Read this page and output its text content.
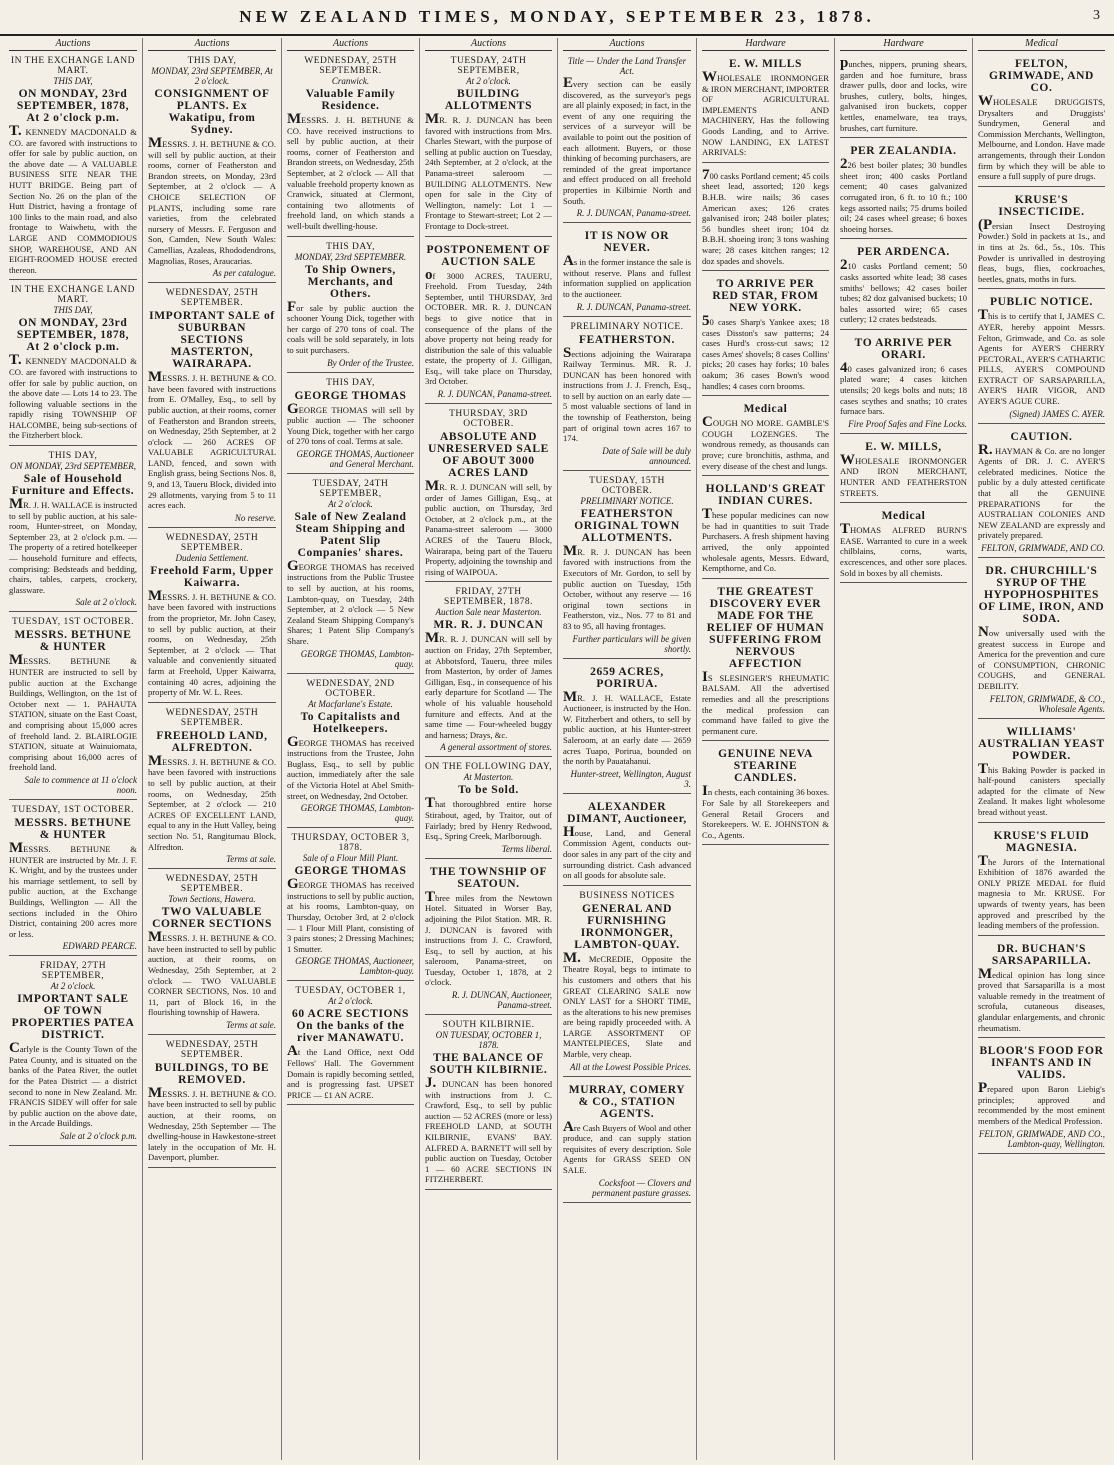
NEW ZEALAND TIMES, MONDAY, SEPTEMBER 23, 1878.	3
Auctions
IN THE EXCHANGE LAND MART.
THIS DAY,
ON MONDAY, 23rd SEPTEMBER, 1878, At 2 o'clock p.m.
T. KENNEDY MACDONALD & CO. are favored with instructions to offer for sale by public auction, on the above date — A VALUABLE BUSINESS SITE NEAR THE HUTT BRIDGE. Being part of Section No. 26 on the plan of the Hutt District, having a frontage of 100 links to the main road, and also frontage to Waiwhetu, with the LARGE AND COMMODIOUS SHOP, WAREHOUSE, AND AN EIGHT-ROOMED HOUSE erected thereon.
IN THE EXCHANGE LAND MART.
THIS DAY,
ON MONDAY, 23rd SEPTEMBER, 1878, At 2 o'clock p.m.
T. KENNEDY MACDONALD & CO. are favored with instructions to offer for sale by public auction, on the above date — Lots 14 to 23. The following valuable sections in the rapidly rising TOWNSHIP OF HALCOMBE, being sub-sections of the Fitzherbert block.
THIS DAY,
ON MONDAY, 23rd SEPTEMBER,
Sale of Household Furniture and Effects.
MR. J. H. WALLACE is instructed to sell by public auction, at his sale-room, Hunter-street, on Monday, September 23, at 2 o'clock p.m. — The property of a retired hotelkeeper — household furniture and effects, comprising: Bedsteads and bedding, chairs, tables, carpets, crockery, glassware.
Sale at 2 o'clock.
TUESDAY, 1ST OCTOBER.
MESSRS. BETHUNE & HUNTER
MESSRS. BETHUNE & HUNTER are instructed to sell by public auction at the Exchange Buildings, Wellington, on the 1st of October next — 1. PAHAUTA STATION, situate on the East Coast, and comprising about 15,000 acres of freehold land. 2. BLAIRLOGIE STATION, situate at Wainuiomata, comprising about 16,000 acres of freehold land.
Sale to commence at 11 o'clock noon.
TUESDAY, 1ST OCTOBER.
MESSRS. BETHUNE & HUNTER
MESSRS. BETHUNE & HUNTER are instructed by Mr. J. F. K. Wright, and by the trustees under his marriage settlement, to sell by public auction, at the Exchange Buildings, Wellington — All the sections included in the Ohiro District, containing 200 acres more or less.
EDWARD PEARCE.
FRIDAY, 27TH SEPTEMBER,
At 2 o'clock.
IMPORTANT SALE OF TOWN PROPERTIES PATEA DISTRICT.
Carlyle is the County Town of the Patea County, and is situated on the banks of the Patea River, the outlet for the Patea District — a district second to none in New Zealand. Mr. FRANCIS SIDEY will offer for sale by public auction on the above date, in the Arcade Buildings.
Sale at 2 o'clock p.m.
Auctions
THIS DAY,
MONDAY, 23rd SEPTEMBER, At 2 o'clock.
CONSIGNMENT OF PLANTS. Ex Wakatipu, from Sydney.
MESSRS. J. H. BETHUNE & CO. will sell by public auction, at their rooms, corner of Featherston and Brandon streets, on Monday, 23rd September, at 2 o'clock — A CHOICE SELECTION OF PLANTS, including some rare varieties, from the celebrated nursery of Messrs. F. Ferguson and Son, Camden, New South Wales: Camellias, Azaleas, Rhododendrons, Magnolias, Roses, Araucarias.
As per catalogue.
WEDNESDAY, 25TH SEPTEMBER.
IMPORTANT SALE of SUBURBAN SECTIONS MASTERTON, WAIRARAPA.
MESSRS. J. H. BETHUNE & CO. have been favored with instructions from E. O'Malley, Esq., to sell by public auction, at their rooms, corner of Featherston and Brandon streets, on Wednesday, 25th September, at 2 o'clock — 260 ACRES OF VALUABLE AGRICULTURAL LAND, fenced, and sown with English grass, being Sections Nos. 8, 9, and 13, Taueru Block, divided into 29 allotments, varying from 5 to 11 acres each.
No reserve.
WEDNESDAY, 25TH SEPTEMBER.
Dudenia Settlement.
Freehold Farm, Upper Kaiwarra.
MESSRS. J. H. BETHUNE & CO. have been favored with instructions from the proprietor, Mr. John Casey, to sell by public auction, at their rooms, on Wednesday, 25th September, at 2 o'clock — That valuable and conveniently situated farm at Freehold, Upper Kaiwarra, containing 40 acres, adjoining the property of Mr. W. L. Rees.
WEDNESDAY, 25TH SEPTEMBER.
FREEHOLD LAND, ALFREDTON.
MESSRS. J. H. BETHUNE & CO. have been favored with instructions to sell by public auction, at their rooms, on Wednesday, 25th September, at 2 o'clock — 210 ACRES OF EXCELLENT LAND, equal to any in the Hutt Valley, being section No. 51, Rangitumau Block, Alfredton.
Terms at sale.
WEDNESDAY, 25TH SEPTEMBER.
Town Sections, Hawera.
TWO VALUABLE CORNER SECTIONS
MESSRS. J. H. BETHUNE & CO. have been instructed to sell by public auction, at their rooms, on Wednesday, 25th September, at 2 o'clock — TWO VALUABLE CORNER SECTIONS, Nos. 10 and 11, part of Block 16, in the flourishing township of Hawera.
Terms at sale.
WEDNESDAY, 25TH SEPTEMBER.
BUILDINGS, TO BE REMOVED.
MESSRS. J. H. BETHUNE & CO. have been instructed to sell by public auction, at their rooms, on Wednesday, 25th September — The dwelling-house in Hawkestone-street lately in the occupation of Mr. H. Davenport, plumber.
Auctions
WEDNESDAY, 25TH SEPTEMBER.
Cranwick.
Valuable Family Residence.
MESSRS. J. H. BETHUNE & CO. have received instructions to sell by public auction, at their rooms, corner of Featherston and Brandon streets, on Wednesday, 25th September, at 2 o'clock — All that valuable freehold property known as Cranwick, situated at Clermont, containing two allotments of freehold land, on which stands a well-built dwelling-house.
THIS DAY,
MONDAY, 23rd SEPTEMBER.
To Ship Owners, Merchants, and Others.
For sale by public auction the schooner Young Dick, together with her cargo of 270 tons of coal. The coals will be sold separately, in lots to suit purchasers.
By Order of the Trustee.
THIS DAY,
GEORGE THOMAS
GEORGE THOMAS will sell by public auction — The schooner Young Dick, together with her cargo of 270 tons of coal. Terms at sale.
GEORGE THOMAS, Auctioneer and General Merchant.
TUESDAY, 24TH SEPTEMBER,
At 2 o'clock.
Sale of New Zealand Steam Shipping and Patent Slip Companies' shares.
GEORGE THOMAS has received instructions from the Public Trustee to sell by auction, at his rooms, Lambton-quay, on Tuesday, 24th September, at 2 o'clock — 5 New Zealand Steam Shipping Company's Shares; 1 Patent Slip Company's Share.
GEORGE THOMAS, Lambton-quay.
WEDNESDAY, 2ND OCTOBER.
At Macfarlane's Estate.
To Capitalists and Hotelkeepers.
GEORGE THOMAS has received instructions from the Trustee, John Buglass, Esq., to sell by public auction, immediately after the sale of the Victoria Hotel at Abel Smith-street, on Wednesday, 2nd October.
GEORGE THOMAS, Lambton-quay.
THURSDAY, OCTOBER 3, 1878.
Sale of a Flour Mill Plant.
GEORGE THOMAS
GEORGE THOMAS has received instructions to sell by public auction, at his rooms, Lambton-quay, on Thursday, October 3rd, at 2 o'clock — 1 Flour Mill Plant, consisting of 3 pairs stones; 2 Dressing Machines; 1 Smutter.
GEORGE THOMAS, Auctioneer, Lambton-quay.
TUESDAY, OCTOBER 1,
At 2 o'clock.
60 ACRE SECTIONS On the banks of the river MANAWATU.
At the Land Office, next Odd Fellows' Hall. The Government Domain is rapidly becoming settled, and is progressing fast. UPSET PRICE — £1 AN ACRE.
Auctions
TUESDAY, 24TH SEPTEMBER,
At 2 o'clock.
BUILDING ALLOTMENTS
MR. R. J. DUNCAN has been favored with instructions from Mrs. Charles Stewart, with the purpose of selling at public auction on Tuesday, 24th September, at 2 o'clock, at the Panama-street saleroom — BUILDING ALLOTMENTS. New open for sale in the City of Wellington, namely: Lot 1 — Frontage to Stewart-street; Lot 2 — Frontage to Dock-street.
POSTPONEMENT OF AUCTION SALE
of 3000 ACRES, TAUERU, Freehold. From Tuesday, 24th September, until THURSDAY, 3rd OCTOBER. MR. R. J. DUNCAN begs to give notice that in consequence of the plans of the above property not being ready for distribution the sale of this valuable estate, the property of J. Gilligan, Esq., will take place on Thursday, 3rd October.
R. J. DUNCAN, Panama-street.
THURSDAY, 3RD OCTOBER.
ABSOLUTE AND UNRESERVED SALE OF ABOUT 3000 ACRES LAND
MR. R. J. DUNCAN will sell, by order of James Gilligan, Esq., at public auction, on Thursday, 3rd October, at 2 o'clock p.m., at the Panama-street saleroom — 3000 ACRES of the Taueru Block, Wairarapa, being part of the Taueru Property, adjoining the township and rising of WAIPOUA.
FRIDAY, 27TH SEPTEMBER, 1878.
Auction Sale near Masterton.
MR. R. J. DUNCAN
MR. R. J. DUNCAN will sell by auction on Friday, 27th September, at Abbotsford, Taueru, three miles from Masterton, by order of James Gilligan, Esq., in consequence of his early departure for Scotland — The whole of his valuable household furniture and effects. And at the same time — Four-wheeled buggy and harness; Drays, &c.
A general assortment of stores.
ON THE FOLLOWING DAY,
At Masterton.
To be Sold.
That thoroughbred entire horse Stirabout, aged, by Traitor, out of Fairlady; bred by Henry Redwood, Esq., Spring Creek, Marlborough.
Terms liberal.
THE TOWNSHIP OF SEATOUN.
Three miles from the Newtown Hotel. Situated in Worser Bay, adjoining the Pilot Station. MR. R. J. DUNCAN is favored with instructions from J. C. Crawford, Esq., to sell by auction, at his saleroom, Panama-street, on Tuesday, October 1, 1878, at 2 o'clock.
R. J. DUNCAN, Auctioneer, Panama-street.
SOUTH KILBIRNIE.
ON TUESDAY, OCTOBER 1, 1878.
THE BALANCE OF SOUTH KILBIRNIE.
J. DUNCAN has been honored with instructions from J. C. Crawford, Esq., to sell by public auction — 52 ACRES (more or less) FREEHOLD LAND, at SOUTH KILBIRNIE, EVANS' BAY. ALFRED A. BARNETT will sell by public auction on Tuesday, October 1 — 60 ACRE SECTIONS IN FITZHERBERT.
Auctions
Title — Under the Land Transfer Act.
Every section can be easily discovered, as the surveyor's pegs are all plainly exposed; in fact, in the event of any one requiring the services of a surveyor will be available to point out the position of each allotment. Buyers, or those thinking of becoming purchasers, are reminded of the great importance and effect produced on all freehold properties in Kilbirnie North and South.
R. J. DUNCAN, Panama-street.
IT IS NOW OR NEVER.
As in the former instance the sale is without reserve. Plans and fullest information supplied on application to the auctioneer.
R. J. DUNCAN, Panama-street.
PRELIMINARY NOTICE.
FEATHERSTON.
Sections adjoining the Wairarapa Railway Terminus. MR. R. J. DUNCAN has been honored with instructions from J. J. French, Esq., to sell by auction on an early date — 5 most valuable sections of land in the township of Featherston, being part of original town acres 167 to 174.
Date of Sale will be duly announced.
TUESDAY, 15TH OCTOBER.
PRELIMINARY NOTICE.
FEATHERSTON ORIGINAL TOWN ALLOTMENTS.
MR. R. J. DUNCAN has been favored with instructions from the Executors of Mr. Gordon, to sell by public auction on Tuesday, 15th October, without any reserve — 16 original town sections in Featherston, viz., Nos. 77 to 81 and 83 to 95, all having frontages.
Further particulars will be given shortly.
2659 ACRES, PORIRUA.
MR. J. H. WALLACE, Estate Auctioneer, is instructed by the Hon. W. Fitzherbert and others, to sell by public auction, at his Hunter-street Saleroom, at an early date — 2659 acres Tuapo, Porirua, bounded on the north by Pauatahanui.
Hunter-street, Wellington, August 3.
ALEXANDER DIMANT, Auctioneer,
House, Land, and General Commission Agent, conducts out-door sales in any part of the city and surrounding district. Cash advanced on all goods for absolute sale.
BUSINESS NOTICES
GENERAL AND FURNISHING IRONMONGER, LAMBTON-QUAY.
M. McCREDIE, Opposite the Theatre Royal, begs to intimate to his customers and others that his GREAT CLEARING SALE now ONLY LAST for a SHORT TIME, as the alterations to his new premises are being rapidly proceeded with. A LARGE ASSORTMENT OF MANTELPIECES, Slate and Marble, very cheap.
All at the Lowest Possible Prices.
MURRAY, COMERY & CO., STATION AGENTS.
Are Cash Buyers of Wool and other produce, and can supply station requisites of every description. Sole Agents for GRASS SEED ON SALE.
Cocksfoot — Clovers and permanent pasture grasses.
Hardware
E. W. MILLS
WHOLESALE IRONMONGER & IRON MERCHANT, IMPORTER OF AGRICULTURAL IMPLEMENTS AND MACHINERY, Has the following Goods Landing, and to Arrive. NOW LANDING, EX LATEST ARRIVALS:
700 casks Portland cement; 45 coils sheet lead, assorted; 120 kegs B.H.B. wire nails; 36 cases American axes; 126 crates galvanised iron; 248 boiler plates; 56 bundles sheet iron; 104 dz B.B.H. shoeing iron; 3 tons washing ware; 28 cases kitchen ranges; 12 doz spades and shovels.
TO ARRIVE PER RED STAR, FROM NEW YORK.
50 cases Sharp's Yankee axes; 18 cases Disston's saw patterns; 24 cases Hurd's cross-cut saws; 12 cases Ames' shovels; 8 cases Collins' picks; 20 cases hay forks; 10 bales oakum; 36 cases Bown's wood handles; 4 cases corn brooms.
Medical
COUGH NO MORE. GAMBLE'S COUGH LOZENGES. The wondrous remedy, as thousands can prove; cure bronchitis, asthma, and every disease of the chest and lungs.
HOLLAND'S GREAT INDIAN CURES.
These popular medicines can now be had in quantities to suit Trade Purchasers. A fresh shipment having arrived, the only appointed wholesale agents, Messrs. Edward, Kempthorne, and Co.
THE GREATEST DISCOVERY EVER MADE FOR THE RELIEF OF HUMAN SUFFERING FROM NERVOUS AFFECTION
IS SLESINGER'S RHEUMATIC BALSAM. All the advertised remedies and all the prescriptions the medical profession can command have failed to give the permanent cure.
GENUINE NEVA STEARINE CANDLES.
In chests, each containing 36 boxes. For Sale by all Storekeepers and General Retail Grocers and Storekeepers. W. E. JOHNSTON & Co., Agents.
Hardware
punches, nippers, pruning shears, garden and hoe furniture, brass drawer pulls, door and locks, wire brushes, cutlery, bolts, hinges, galvanised iron buckets, copper kettles, enamelware, tea trays, brushes, cart furniture.
PER ZEALANDIA.
226 best boiler plates; 30 bundles sheet iron; 400 casks Portland cement; 40 cases galvanized corrugated iron, 6 ft. to 10 ft.; 100 kegs assorted nails; 75 drums boiled oil; 24 cases wheel grease; 6 boxes shoeing horses.
PER ARDENCA.
210 casks Portland cement; 50 casks assorted white lead; 38 cases smiths' bellows; 42 cases boiler tubes; 82 doz galvanised buckets; 10 bales assorted wire; 65 cases cutlery; 12 crates bedsteads.
TO ARRIVE PER ORARI.
40 cases galvanized iron; 6 cases plated ware; 4 cases kitchen utensils; 20 kegs bolts and nuts; 18 cases scythes and snaths; 10 crates furnace bars.
Fire Proof Safes and Fine Locks.
E. W. MILLS,
WHOLESALE IRONMONGER AND IRON MERCHANT, HUNTER AND FEATHERSTON STREETS.
Medical
THOMAS ALFRED BURN'S EASE. Warranted to cure in a week chilblains, corns, warts, excrescences, and other sore places. Sold in boxes by all chemists.
Medical
FELTON, GRIMWADE, AND CO.
WHOLESALE DRUGGISTS, Drysalters and Druggists' Sundrymen, General and Commission Merchants, Wellington, Melbourne, and London. Have made arrangements, through their London firm by which they will be able to ensure a full supply of pure drugs.
KRUSE'S INSECTICIDE.
(Persian Insect Destroying Powder.) Sold in packets at 1s., and in tins at 2s. 6d., 5s., 10s. This Powder is unrivalled in destroying fleas, bugs, flies, cockroaches, beetles, gnats, moths in furs.
PUBLIC NOTICE.
This is to certify that I, JAMES C. AYER, hereby appoint Messrs. Felton, Grimwade, and Co. as sole Agents for AYER'S CHERRY PECTORAL, AYER'S CATHARTIC PILLS, AYER'S COMPOUND EXTRACT OF SARSAPARILLA, AYER'S HAIR VIGOR, AND AYER'S AGUE CURE.
(Signed) JAMES C. AYER.
CAUTION.
R. HAYMAN & Co. are no longer Agents of DR. J. C. AYER'S celebrated medicines. Notice the public by a duly attested certificate that all the GENUINE PREPARATIONS for the AUSTRALIAN COLONIES AND NEW ZEALAND are expressly and privately prepared.
FELTON, GRIMWADE, AND CO.
DR. CHURCHILL'S SYRUP OF THE HYPOPHOSPHITES OF LIME, IRON, AND SODA.
Now universally used with the greatest success in Europe and America for the prevention and cure of CONSUMPTION, CHRONIC COUGHS, and GENERAL DEBILITY.
FELTON, GRIMWADE, & CO., Wholesale Agents.
WILLIAMS' AUSTRALIAN YEAST POWDER.
This Baking Powder is packed in half-pound canisters specially adapted for the climate of New Zealand. It makes light wholesome bread without yeast.
KRUSE'S FLUID MAGNESIA.
The Jurors of the International Exhibition of 1876 awarded the ONLY PRIZE MEDAL for fluid magnesia to Mr. KRUSE. For upwards of twenty years, has been approved and prescribed by the leading members of the profession.
DR. BUCHAN'S SARSAPARILLA.
Medical opinion has long since proved that Sarsaparilla is a most valuable remedy in the treatment of scrofula, cutaneous diseases, glandular enlargements, and chronic rheumatism.
BLOOR'S FOOD FOR INFANTS AND IN VALIDS.
Prepared upon Baron Liebig's principles; approved and recommended by the most eminent members of the Medical Profession.
FELTON, GRIMWADE, AND CO., Lambton-quay, Wellington.
